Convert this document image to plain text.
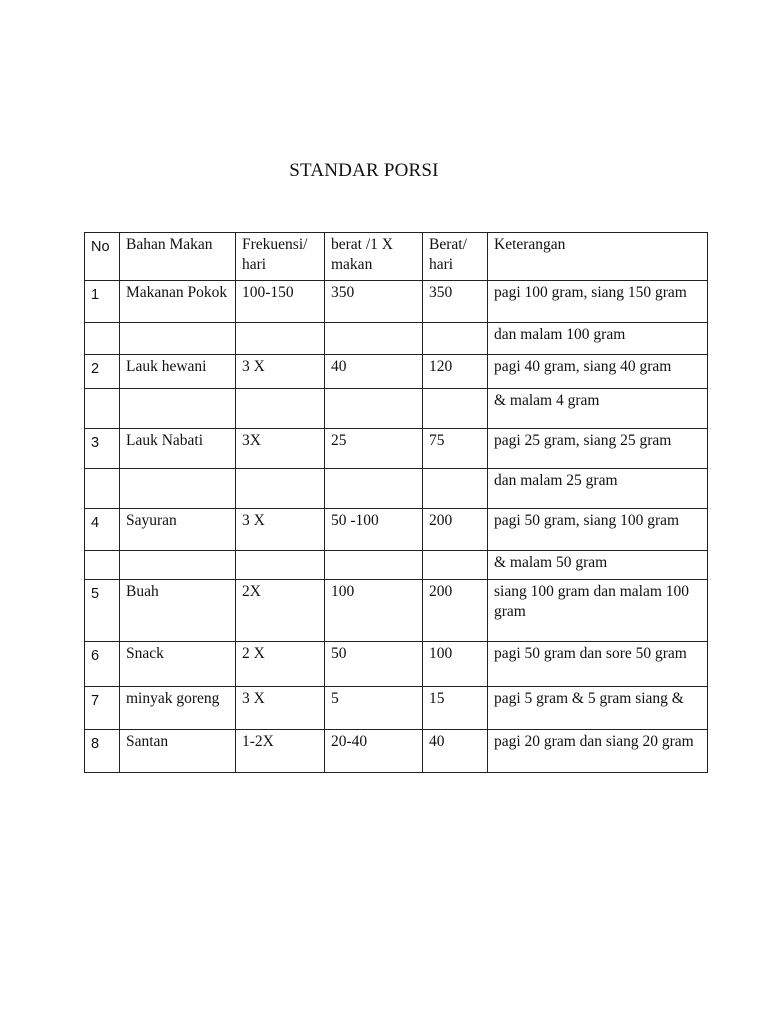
STANDAR PORSI
No	Bahan Makan	Frekuensi/ hari	berat /1 X makan	Berat/ hari	Keterangan
1	Makanan Pokok	100-150	350	350	pagi 100 gram, siang 150 gram
					dan malam 100 gram
2	Lauk hewani	3 X	40	120	pagi 40 gram, siang 40 gram
					& malam 4 gram
3	Lauk Nabati	3X	25	75	pagi 25 gram, siang 25 gram
					dan malam 25 gram
4	Sayuran	3 X	50 -100	200	pagi 50 gram, siang 100 gram
					& malam 50 gram
5	Buah	2X	100	200	siang 100 gram dan malam 100 gram
6	Snack	2 X	50	100	pagi 50 gram dan sore 50 gram
7	minyak goreng	3 X	5	15	pagi 5 gram & 5 gram siang &
8	Santan	1-2X	20-40	40	pagi 20 gram dan siang 20 gram
